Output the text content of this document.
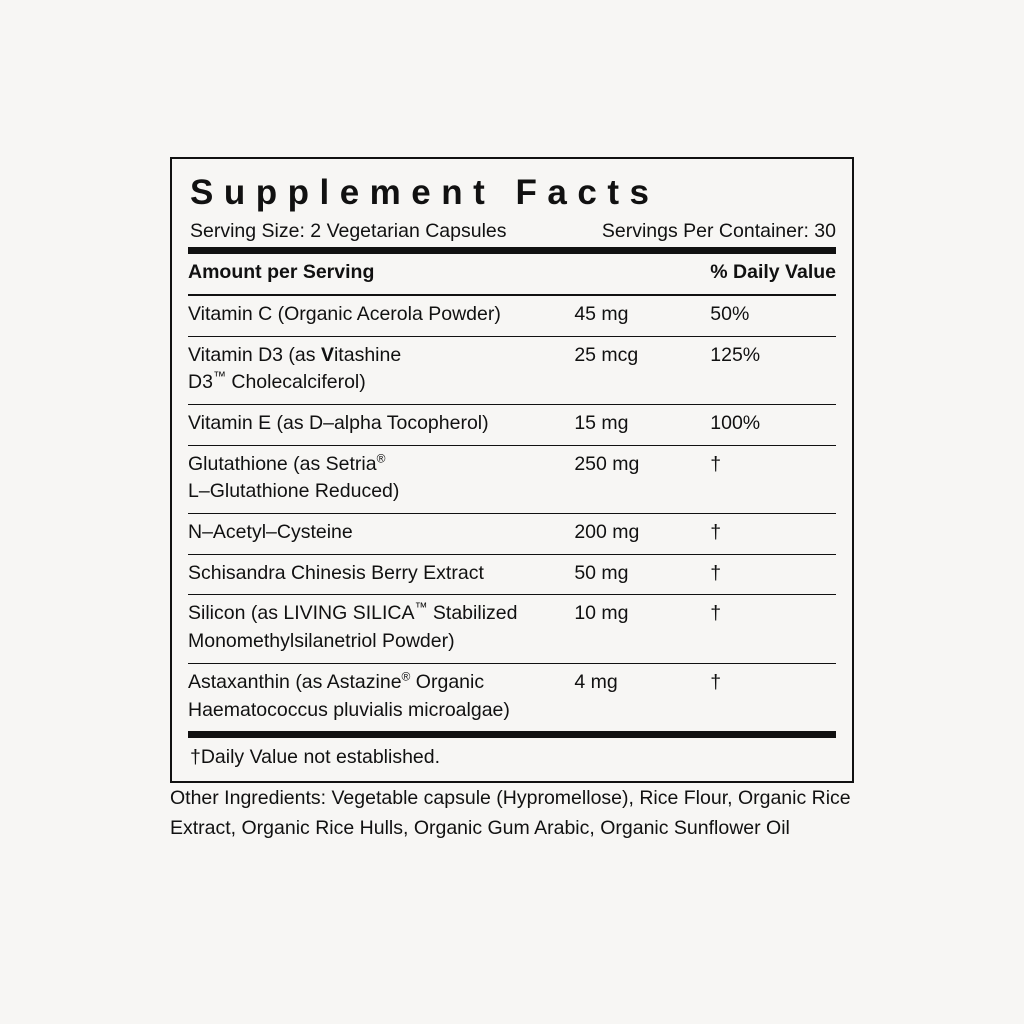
Supplement Facts
Serving Size: 2 Vegetarian Capsules	Servings Per Container: 30
Amount per Serving		% Daily Value

Vitamin C (Organic Acerola Powder)	45 mg	50%
Vitamin D3 (as Vitashine
D3™ Cholecalciferol)	25 mcg	125%
Vitamin E (as D–alpha Tocopherol)	15 mg	100%
Glutathione (as Setria®
L–Glutathione Reduced)	250 mg	†
N–Acetyl–Cysteine	200 mg	†
Schisandra Chinesis Berry Extract	50 mg	†
Silicon (as LIVING SILICA™ Stabilized
Monomethylsilanetriol Powder)	10 mg	†
Astaxanthin (as Astazine® Organic
Haematococcus pluvialis microalgae)	4 mg	†
†Daily Value not established.
Other Ingredients: Vegetable capsule (Hypromellose), Rice Flour, Organic Rice Extract, Organic Rice Hulls, Organic Gum Arabic, Organic Sunflower Oil
